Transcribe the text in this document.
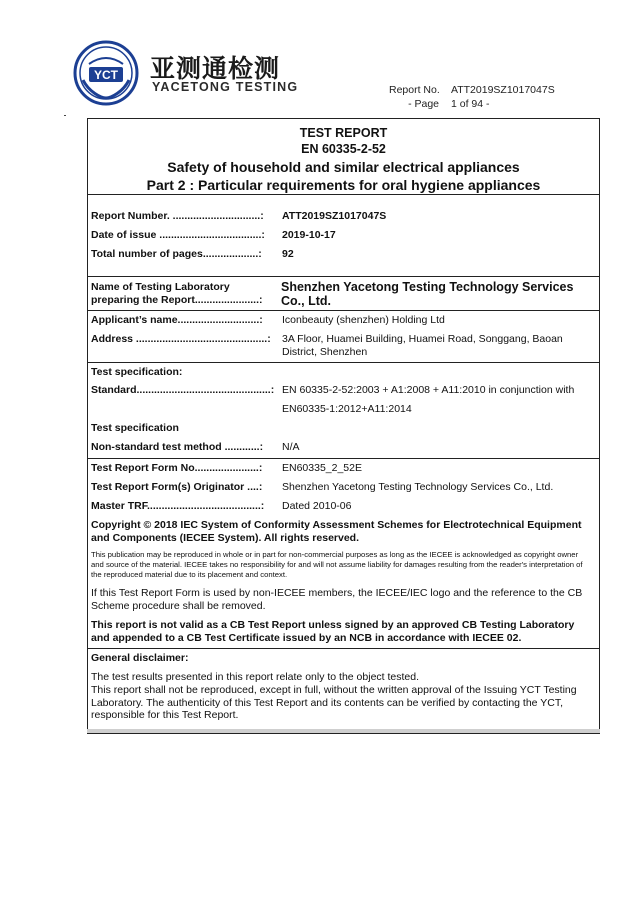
YCT 亚测通检测
YACETONG TESTING	Report No. ATT2019SZ1017047S
- Page 1 of 94 -
TEST REPORT
EN 60335-2-52
Safety of household and similar electrical appliances
Part 2 : Particular requirements for oral hygiene appliances
Report Number. ..............................: ATT2019SZ1017047S
Date of issue ...................................: 2019-10-17
Total number of pages...................: 92
Name of Testing Laboratory
preparing the Report......................:
Shenzhen Yacetong Testing Technology Services Co., Ltd.
Applicant’s name............................: Iconbeauty (shenzhen) Holding Ltd
Address .............................................: 3A Floor, Huamei Building, Huamei Road, Songgang, Baoan District, Shenzhen
Test specification:
Standard..............................................: EN 60335-2-52:2003 + A1:2008 + A11:2010 in conjunction with
EN60335-1:2012+A11:2014
Test specification
Non-standard test method ............: N/A
Test Report Form No......................: EN60335_2_52E
Test Report Form(s) Originator ....: Shenzhen Yacetong Testing Technology Services Co., Ltd.
Master TRF.......................................: Dated 2010-06
Copyright © 2018 IEC System of Conformity Assessment Schemes for Electrotechnical Equipment and Components (IECEE System). All rights reserved.
This publication may be reproduced in whole or in part for non-commercial purposes as long as the IECEE is acknowledged as copyright owner and source of the material. IECEE takes no responsibility for and will not assume liability for damages resulting from the reader's interpretation of the reproduced material due to its placement and context.
If this Test Report Form is used by non-IECEE members, the IECEE/IEC logo and the reference to the CB Scheme procedure shall be removed.
This report is not valid as a CB Test Report unless signed by an approved CB Testing Laboratory and appended to a CB Test Certificate issued by an NCB in accordance with IECEE 02.
General disclaimer:
The test results presented in this report relate only to the object tested.
This report shall not be reproduced, except in full, without the written approval of the Issuing YCT Testing Laboratory. The authenticity of this Test Report and its contents can be verified by contacting the YCT, responsible for this Test Report.
